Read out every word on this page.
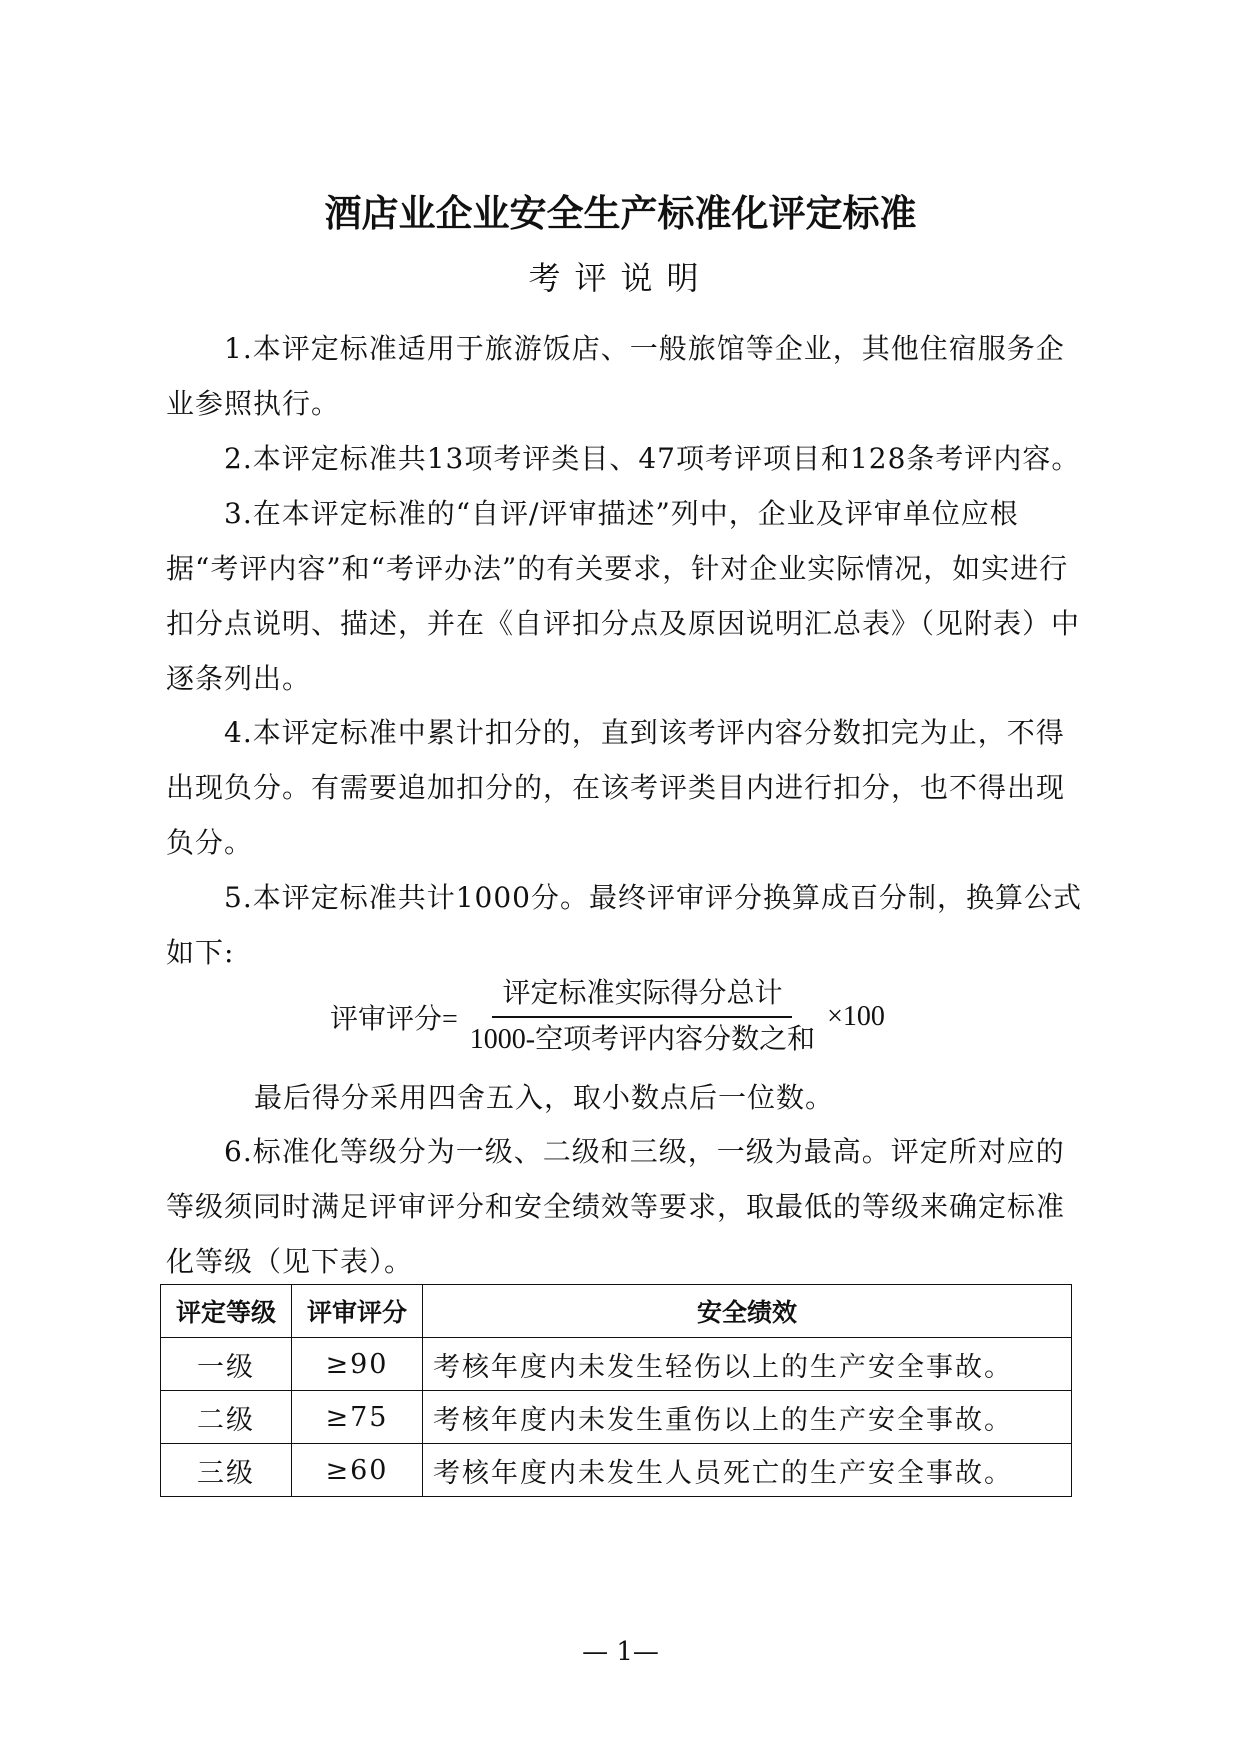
酒店业企业安全生产标准化评定标准
考评说明

1.本评定标准适用于旅游饭店、一般旅馆等企业，其他住宿服务企业参照执行。

2.本评定标准共13项考评类目、47项考评项目和128条考评内容。

3.在本评定标准的“自评/评审描述”列中，企业及评审单位应根据“考评内容”和“考评办法”的有关要求，针对企业实际情况，如实进行扣分点说明、描述，并在《自评扣分点及原因说明汇总表》（见附表）中逐条列出。

4.本评定标准中累计扣分的，直到该考评内容分数扣完为止，不得出现负分。有需要追加扣分的，在该考评类目内进行扣分，也不得出现负分。

5.本评定标准共计1000分。最终评审评分换算成百分制，换算公式如下:

评审评分= $\frac{\text{评定标准实际得分总计}}{\text{1000-空项考评内容分数之和}} \times 100$
最后得分采用四舍五入，取小数点后一位数。

6.标准化等级分为一级、二级和三级，一级为最高。评定所对应的等级须同时满足评审评分和安全绩效等要求，取最低的等级来确定标准化等级（见下表）。

评定等级	评审评分	安全绩效
一级	≥90	考核年度内未发生轻伤以上的生产安全事故。
二级	≥75	考核年度内未发生重伤以上的生产安全事故。
三级	≥60	考核年度内未发生人员死亡的生产安全事故。
— 1—
